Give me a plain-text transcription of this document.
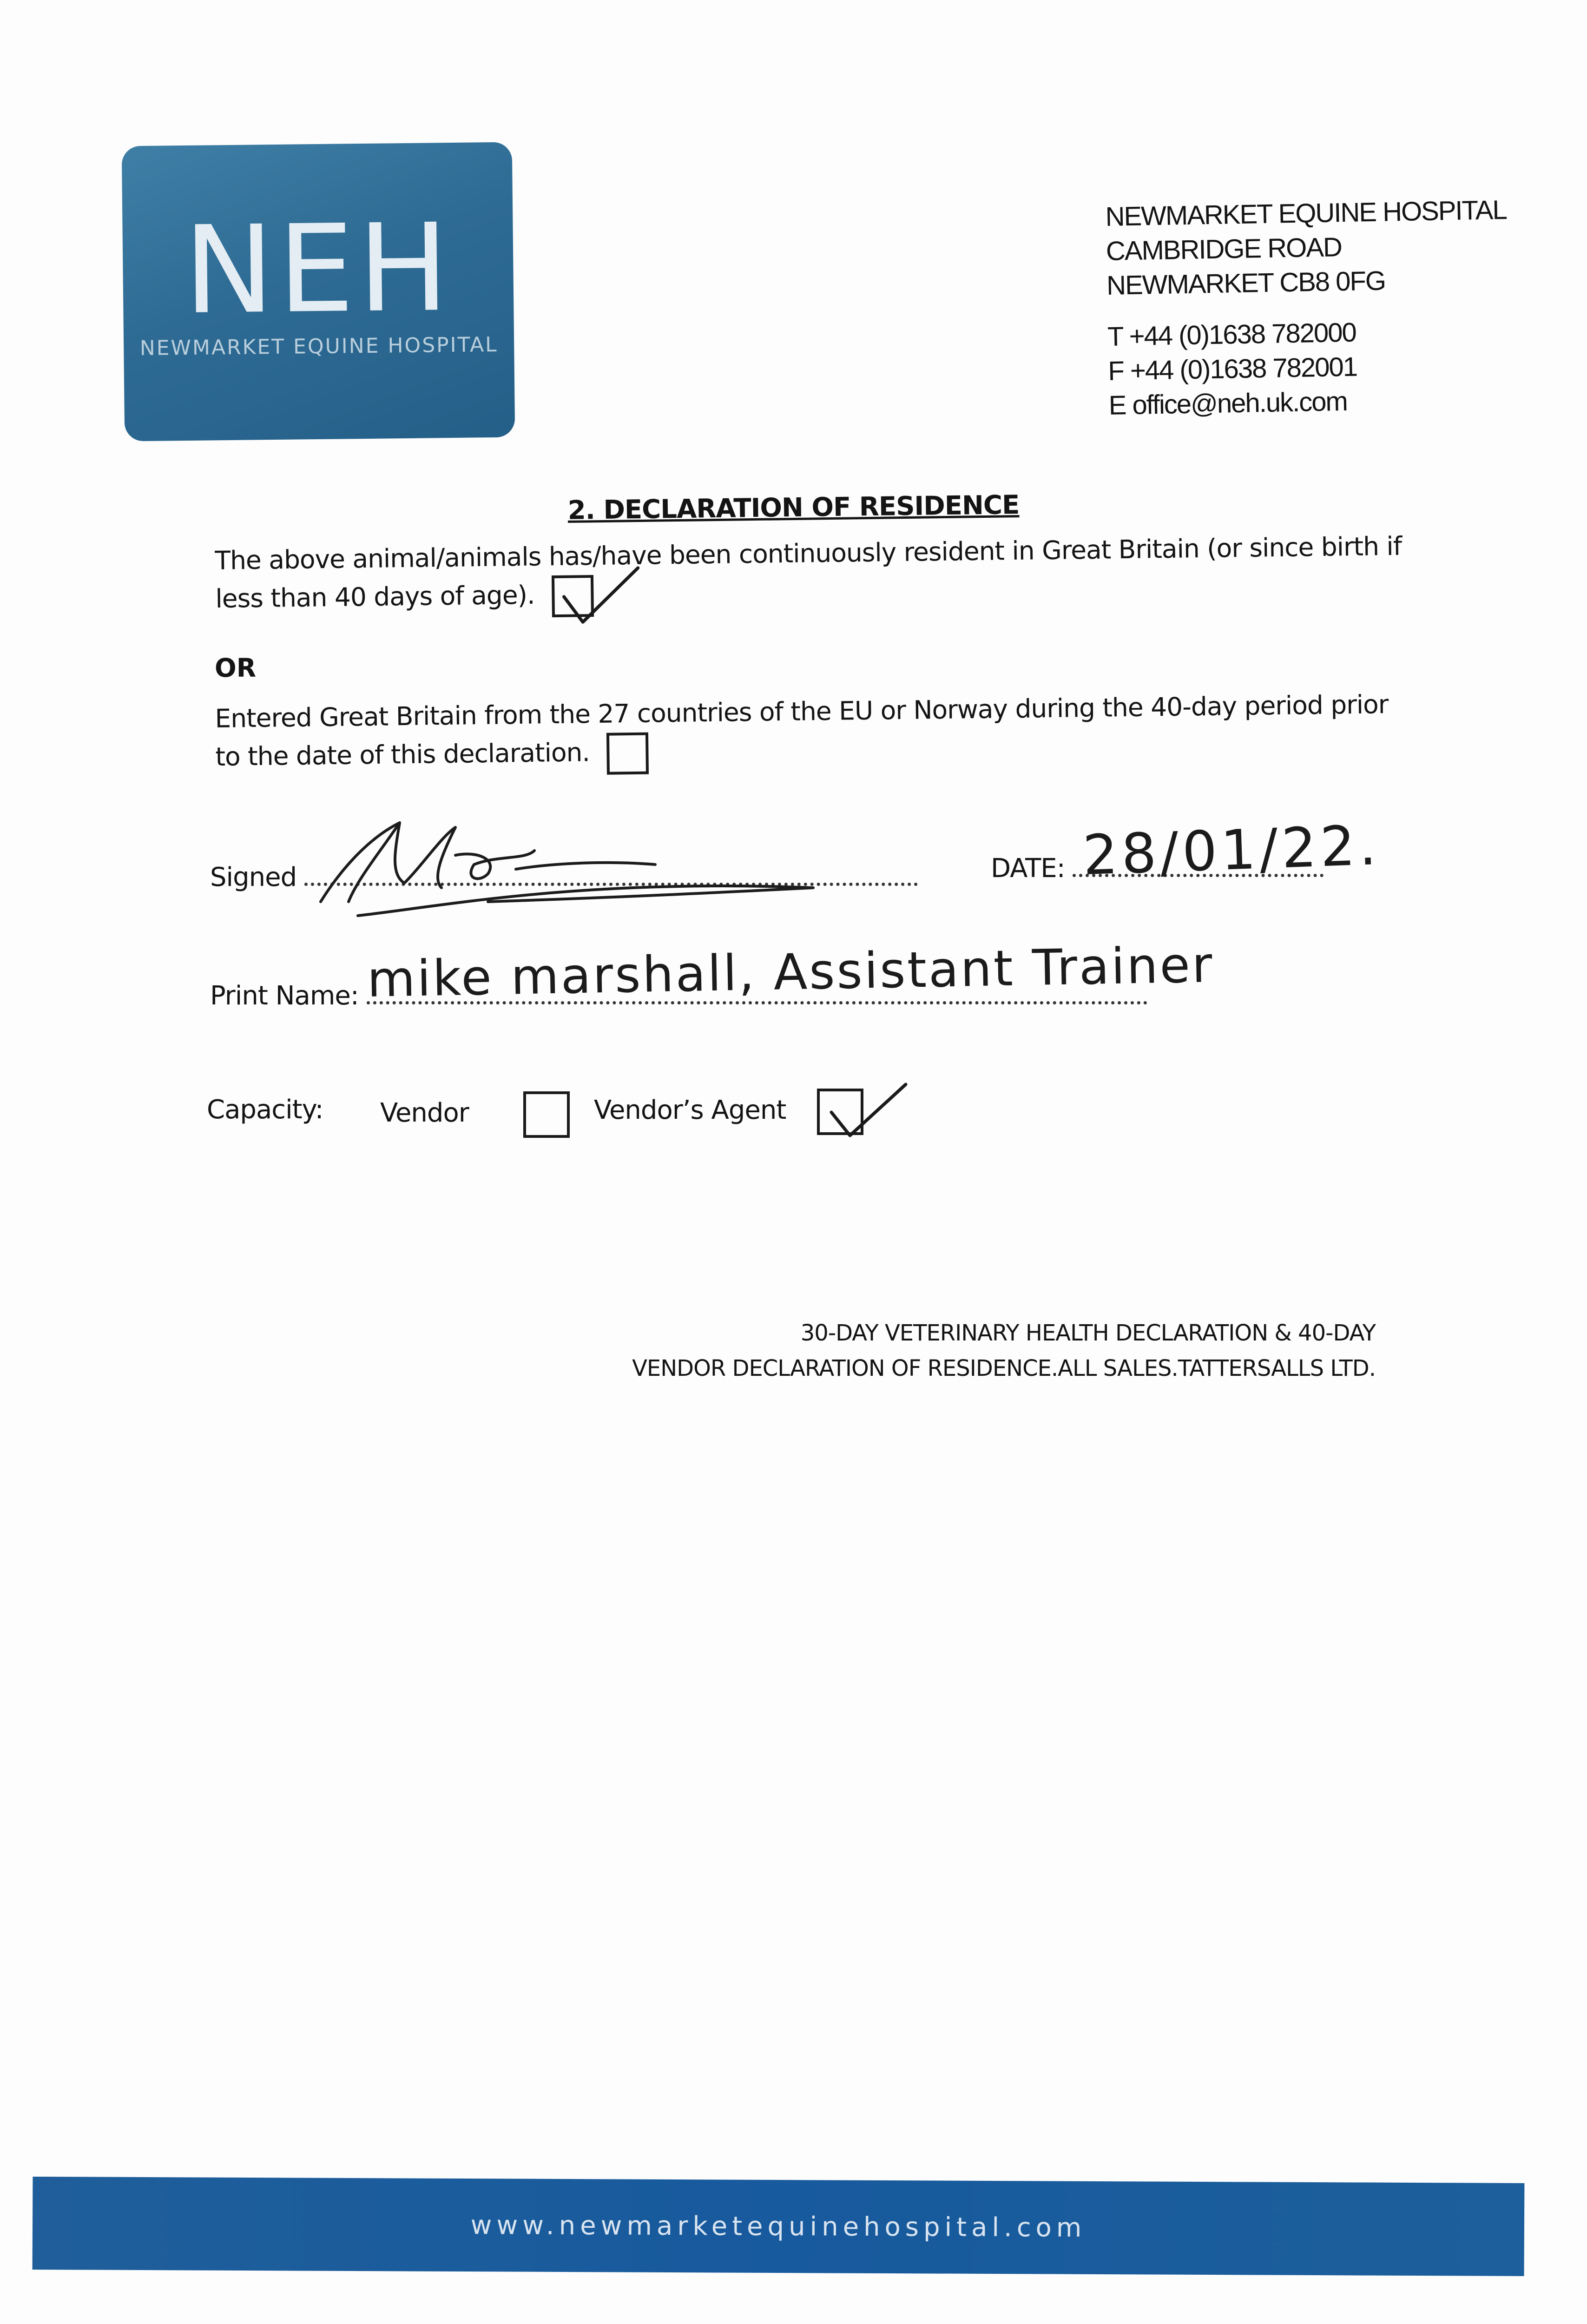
NEH
NEWMARKET EQUINE HOSPITAL
NEWMARKET EQUINE HOSPITAL
CAMBRIDGE ROAD
NEWMARKET CB8 0FG
T +44 (0)1638 782000
F +44 (0)1638 782001
E office@neh.uk.com
2. DECLARATION OF RESIDENCE
The above animal/animals has/have been continuously resident in Great Britain (or since birth if less than 40 days of age).
OR
Entered Great Britain from the 27 countries of the EU or Norway during the 40-day period prior to the date of this declaration.
Signed	DATE: 28/01/22.
Print Name: mike marshall, Assistant Trainer
Capacity: Vendor	Vendor’s Agent
30-DAY VETERINARY HEALTH DECLARATION & 40-DAY
VENDOR DECLARATION OF RESIDENCE.ALL SALES.TATTERSALLS LTD.
www.newmarketequinehospital.com
